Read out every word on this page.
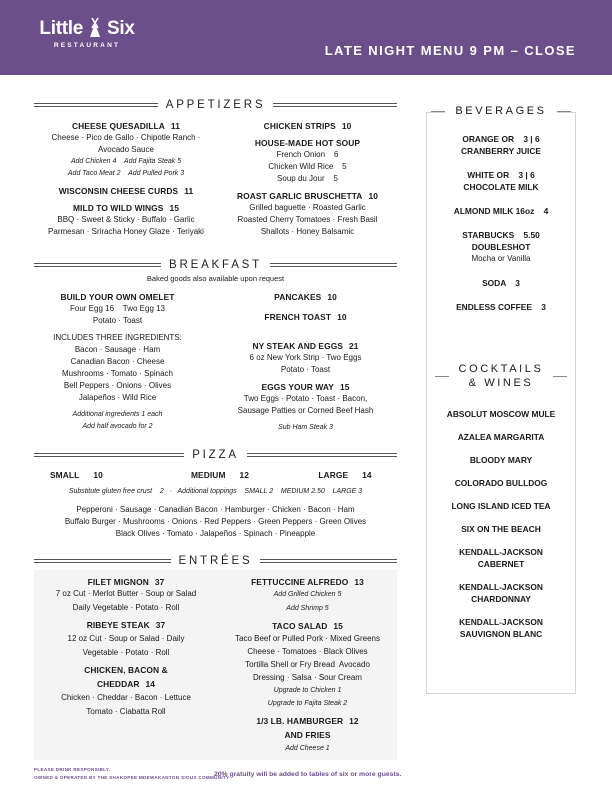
Little Six
RESTAURANT	LATE NIGHT MENU 9 PM – CLOSE
APPETIZERS
CHEESE QUESADILLA 11
Cheese · Pico de Gallo · Chipotle Ranch ·
Avocado Sauce
Add Chicken 4    Add Fajita Steak 5
Add Taco Meat 2    Add Pulled Pork 3
WISCONSIN CHEESE CURDS 11
MILD TO WILD WINGS 15
BBQ · Sweet & Sticky · Buffalo · Garlic
Parmesan · Sriracha Honey Glaze · Teriyaki
CHICKEN STRIPS 10
HOUSE-MADE HOT SOUP
French Onion    6
Chicken Wild Rice    5
Soup du Jour    5
ROAST GARLIC BRUSCHETTA 10
Grilled baguette · Roasted Garlic
Roasted Cherry Tomatoes · Fresh Basil
Shallots · Honey Balsamic
BREAKFAST
Baked goods also available upon request
BUILD YOUR OWN OMELET
Four Egg 16    Two Egg 13
Potato · Toast
INCLUDES THREE INGREDIENTS:
Bacon · Sausage · Ham
Canadian Bacon · Cheese
Mushrooms · Tomato · Spinach
Bell Peppers · Onions · Olives
Jalapeños · Wild Rice
Additional ingredients 1 each
Add half avocado for 2
PANCAKES 10
FRENCH TOAST 10
NY STEAK AND EGGS 21
6 oz New York Strip · Two Eggs
Potato · Toast
EGGS YOUR WAY 15
Two Eggs · Potato · Toast · Bacon,
Sausage Patties or Corned Beef Hash
Sub Ham Steak 3
PIZZA
SMALL 10	MEDIUM 12	LARGE 14
Substitute gluten free crust    2   ·   Additional toppings    SMALL 2    MEDIUM 2.50    LARGE 3
Pepperoni · Sausage · Canadian Bacon · Hamburger · Chicken · Bacon · Ham
Buffalo Burger · Mushrooms · Onions · Red Peppers · Green Peppers · Green Olives
Black Olives · Tomato · Jalapeños · Spinach · Pineapple
ENTRÉES
FILET MIGNON 37
7 oz Cut · Merlot Butter · Soup or Salad
Daily Vegetable · Potato · Roll
RIBEYE STEAK 37
12 oz Cut · Soup or Salad · Daily
Vegetable · Potato · Roll
CHICKEN, BACON &
CHEDDAR 14
Chicken · Cheddar · Bacon · Lettuce
Tomato · Ciabatta Roll
FETTUCCINE ALFREDO 13
Add Grilled Chicken 5
Add Shrimp 5
TACO SALAD 15
Taco Beef or Pulled Pork · Mixed Greens
Cheese · Tomatoes · Black Olives
Tortilla Shell or Fry Bread  Avocado
Dressing · Salsa · Sour Cream
Upgrade to Chicken 1
Upgrade to Fajita Steak 2
1/3 LB. HAMBURGER 12
AND FRIES
Add Cheese 1
BEVERAGES
ORANGE OR    3 | 6
CRANBERRY JUICE
WHITE OR    3 | 6
CHOCOLATE MILK
ALMOND MILK 16oz    4
STARBUCKS    5.50
DOUBLESHOT
Mocha or Vanilla
SODA    3
ENDLESS COFFEE    3
COCKTAILS
& WINES
ABSOLUT MOSCOW MULE
AZALEA MARGARITA
BLOODY MARY
COLORADO BULLDOG
LONG ISLAND ICED TEA
SIX ON THE BEACH
KENDALL-JACKSON
CABERNET
KENDALL-JACKSON
CHARDONNAY
KENDALL-JACKSON
SAUVIGNON BLANC
PLEASE DRINK RESPONSIBLY.
OWNED & OPERATED BY THE SHAKOPEE MDEWAKANTON SIOUX COMMUNITY
20% gratuity will be added to tables of six or more guests.
